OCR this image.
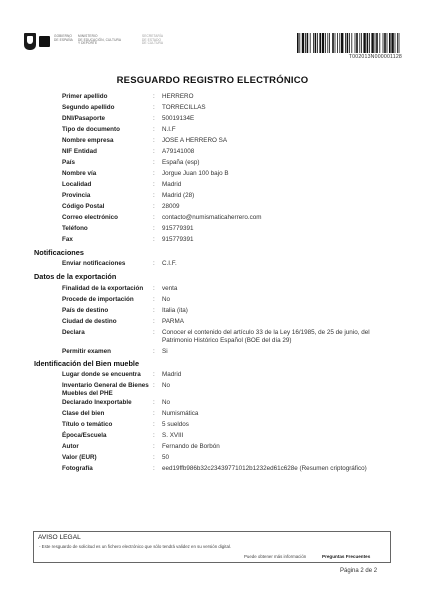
GOBIERNO
DE ESPAÑA
MINISTERIO
DE EDUCACIÓN, CULTURA
Y DEPORTE
SECRETARÍA
DE ESTADO
DE CULTURA
T002013N000001128
RESGUARDO REGISTRO ELECTRÓNICO
Primer apellido	: HERRERO
Segundo apellido	: TORRECILLAS
DNI/Pasaporte	: 50019134E
Tipo de documento	: N.I.F
Nombre empresa	: JOSE A HERRERO SA
NIF Entidad	: A79141008
País	: España (esp)
Nombre vía	: Jorgue Juan 100 bajo B
Localidad	: Madrid
Provincia	: Madrid (28)
Código Postal	: 28009
Correo electrónico	: contacto@numismaticaherrero.com
Teléfono	: 915779391
Fax	: 915779391
Notificaciones
Enviar notificaciones	: C.I.F.
Datos de la exportación
Finalidad de la exportación	: venta
Procede de importación	: No
País de destino	: Italia (ita)
Ciudad de destino	: PARMA
Declara	: Conocer el contenido del artículo 33 de la Ley 16/1985, de 25 de junio, del Patrimonio Histórico Español (BOE del día 29)
Permitir examen	: Si
Identificación del Bien mueble
Lugar donde se encuentra	: Madrid
Inventario General de Bienes Muebles del PHE
: No
Declarado Inexportable	: No
Clase del bien	: Numismática
Título o temático	: 5 sueldos
Época/Escuela	: S. XVIII
Autor	: Fernando de Borbón
Valor (EUR)	: 50
Fotografía	: eed19ffb986b32c23439771012b1232ed61c628e (Resumen criptográfico)
AVISO LEGAL
- Este resguardo de solicitud es un fichero electrónico que sólo tendrá validez en su versión digital.
Puede obtener más información	Preguntas Frecuentes
Página 2 de 2
